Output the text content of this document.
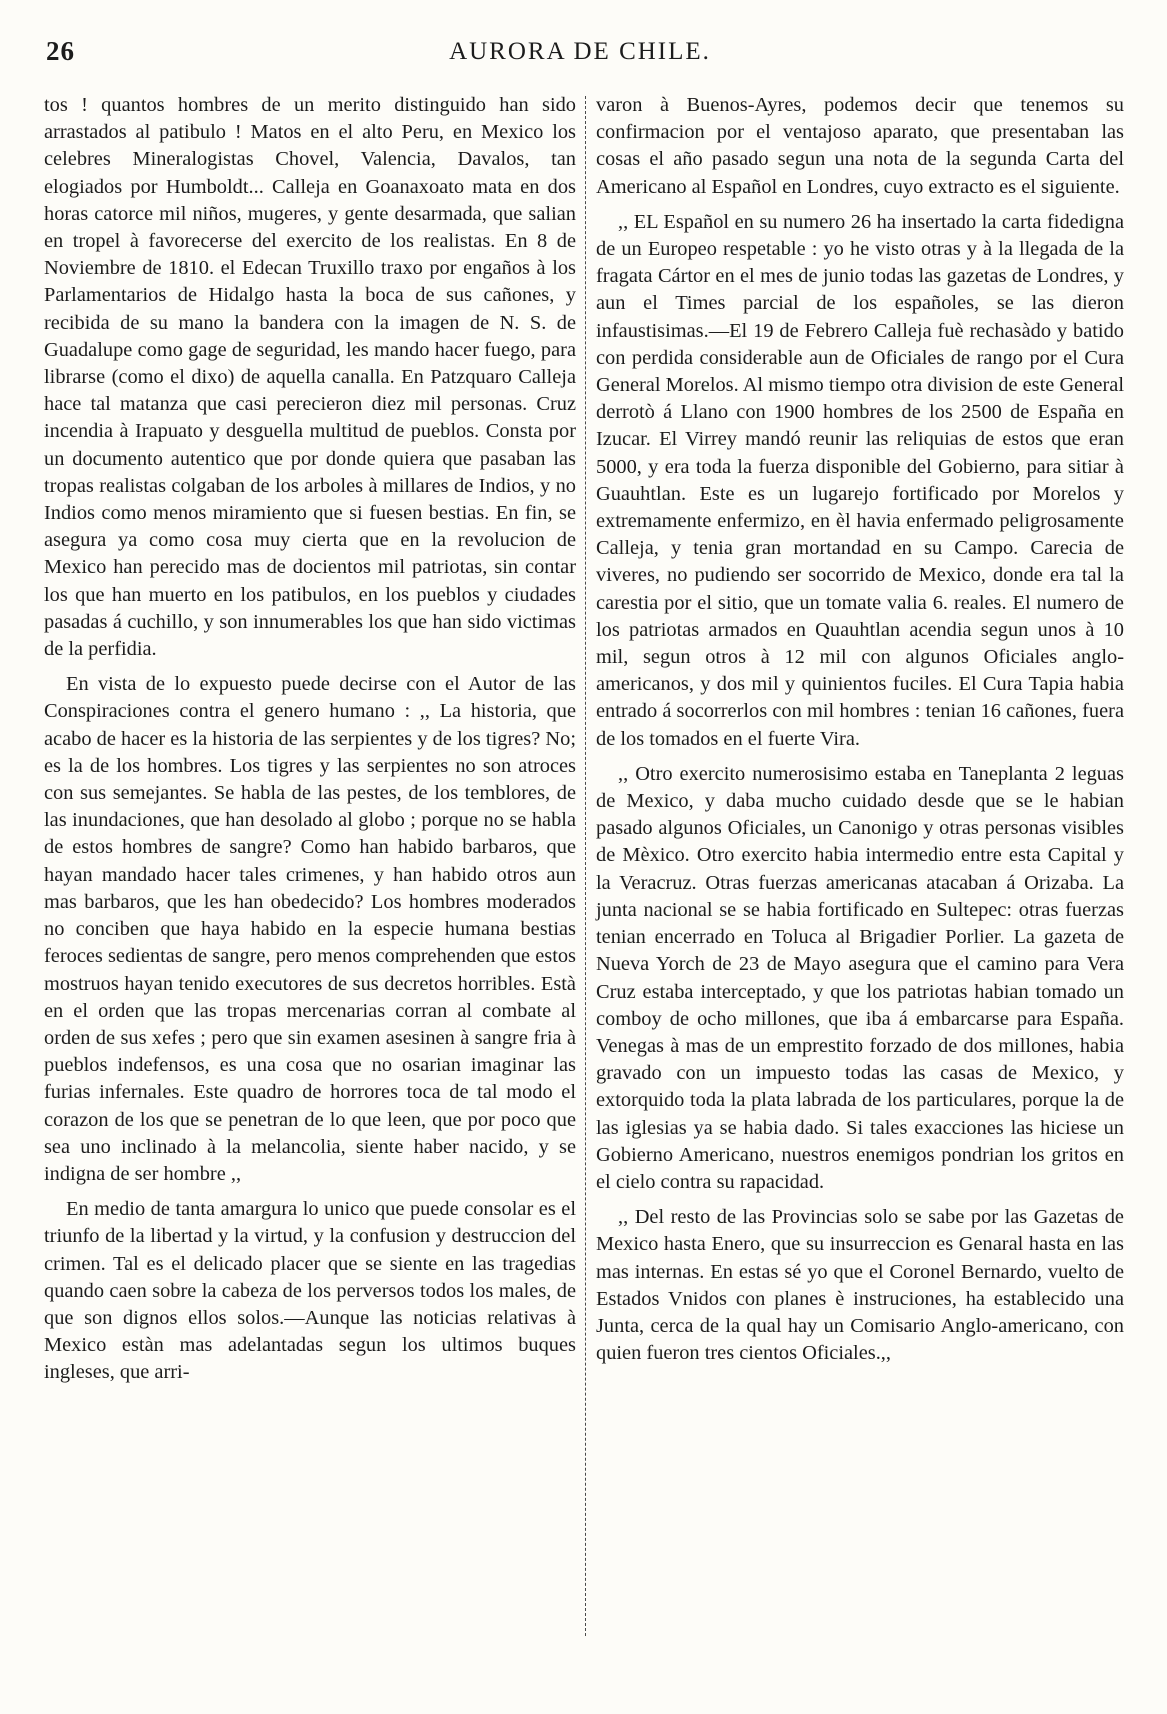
26	AURORA DE CHILE.

tos ! quantos hombres de un merito distinguido han sido arrastados al patibulo ! Matos en el alto Peru, en Mexico los celebres Mineralogistas Chovel, Valencia, Davalos, tan elogiados por Humboldt... Calleja en Goanaxoato mata en dos horas catorce mil niños, mugeres, y gente desarmada, que salian en tropel à favorecerse del exercito de los realistas. En 8 de Noviembre de 1810. el Edecan Truxillo traxo por engaños à los Parlamentarios de Hidalgo hasta la boca de sus cañones, y recibida de su mano la bandera con la imagen de N. S. de Guadalupe como gage de seguridad, les mando hacer fuego, para librarse (como el dixo) de aquella canalla. En Patzquaro Calleja hace tal matanza que casi perecieron diez mil personas. Cruz incendia à Irapuato y desguella multitud de pueblos. Consta por un documento autentico que por donde quiera que pasaban las tropas realistas colgaban de los arboles à millares de Indios, y no Indios como menos miramiento que si fuesen bestias. En fin, se asegura ya como cosa muy cierta que en la revolucion de Mexico han perecido mas de docientos mil patriotas, sin contar los que han muerto en los patibulos, en los pueblos y ciudades pasadas á cuchillo, y son innumerables los que han sido victimas de la perfidia.

En vista de lo expuesto puede decirse con el Autor de las Conspiraciones contra el genero humano : ,, La historia, que acabo de hacer es la historia de las serpientes y de los tigres? No; es la de los hombres. Los tigres y las serpientes no son atroces con sus semejantes. Se habla de las pestes, de los temblores, de las inundaciones, que han desolado al globo ; porque no se habla de estos hombres de sangre? Como han habido barbaros, que hayan mandado hacer tales crimenes, y han habido otros aun mas barbaros, que les han obedecido? Los hombres moderados no conciben que haya habido en la especie humana bestias feroces sedientas de sangre, pero menos comprehenden que estos mostruos hayan tenido executores de sus decretos horribles. Està en el orden que las tropas mercenarias corran al combate al orden de sus xefes ; pero que sin examen asesinen à sangre fria à pueblos indefensos, es una cosa que no osarian imaginar las furias infernales. Este quadro de horrores toca de tal modo el corazon de los que se penetran de lo que leen, que por poco que sea uno inclinado à la melancolia, siente haber nacido, y se indigna de ser hombre ,,

En medio de tanta amargura lo unico que puede consolar es el triunfo de la libertad y la virtud, y la confusion y destruccion del crimen. Tal es el delicado placer que se siente en las tragedias quando caen sobre la cabeza de los perversos todos los males, de que son dignos ellos solos.—Aunque las noticias relativas à Mexico estàn mas adelantadas segun los ultimos buques ingleses, que arri-

varon à Buenos-Ayres, podemos decir que tenemos su confirmacion por el ventajoso aparato, que presentaban las cosas el año pasado segun una nota de la segunda Carta del Americano al Español en Londres, cuyo extracto es el siguiente.

,, EL Español en su numero 26 ha insertado la carta fidedigna de un Europeo respetable : yo he visto otras y à la llegada de la fragata Cártor en el mes de junio todas las gazetas de Londres, y aun el Times parcial de los españoles, se las dieron infaustisimas.—El 19 de Febrero Calleja fuè rechasàdo y batido con perdida considerable aun de Oficiales de rango por el Cura General Morelos. Al mismo tiempo otra division de este General derrotò á Llano con 1900 hombres de los 2500 de España en Izucar. El Virrey mandó reunir las reliquias de estos que eran 5000, y era toda la fuerza disponible del Gobierno, para sitiar à Guauhtlan. Este es un lugarejo fortificado por Morelos y extremamente enfermizo, en èl havia enfermado peligrosamente Calleja, y tenia gran mortandad en su Campo. Carecia de viveres, no pudiendo ser socorrido de Mexico, donde era tal la carestia por el sitio, que un tomate valia 6. reales. El numero de los patriotas armados en Quauhtlan acendia segun unos à 10 mil, segun otros à 12 mil con algunos Oficiales anglo-americanos, y dos mil y quinientos fuciles. El Cura Tapia habia entrado á socorrerlos con mil hombres : tenian 16 cañones, fuera de los tomados en el fuerte Vira.

,, Otro exercito numerosisimo estaba en Taneplanta 2 leguas de Mexico, y daba mucho cuidado desde que se le habian pasado algunos Oficiales, un Canonigo y otras personas visibles de Mèxico. Otro exercito habia intermedio entre esta Capital y la Veracruz. Otras fuerzas americanas atacaban á Orizaba. La junta nacional se se habia fortificado en Sultepec: otras fuerzas tenian encerrado en Toluca al Brigadier Porlier. La gazeta de Nueva Yorch de 23 de Mayo asegura que el camino para Vera Cruz estaba interceptado, y que los patriotas habian tomado un comboy de ocho millones, que iba á embarcarse para España. Venegas à mas de un emprestito forzado de dos millones, habia gravado con un impuesto todas las casas de Mexico, y extorquido toda la plata labrada de los particulares, porque la de las iglesias ya se habia dado. Si tales exacciones las hiciese un Gobierno Americano, nuestros enemigos pondrian los gritos en el cielo contra su rapacidad.

,, Del resto de las Provincias solo se sabe por las Gazetas de Mexico hasta Enero, que su insurreccion es Genaral hasta en las mas internas. En estas sé yo que el Coronel Bernardo, vuelto de Estados Vnidos con planes è instruciones, ha establecido una Junta, cerca de la qual hay un Comisario Anglo-americano, con quien fueron tres cientos Oficiales.,,
